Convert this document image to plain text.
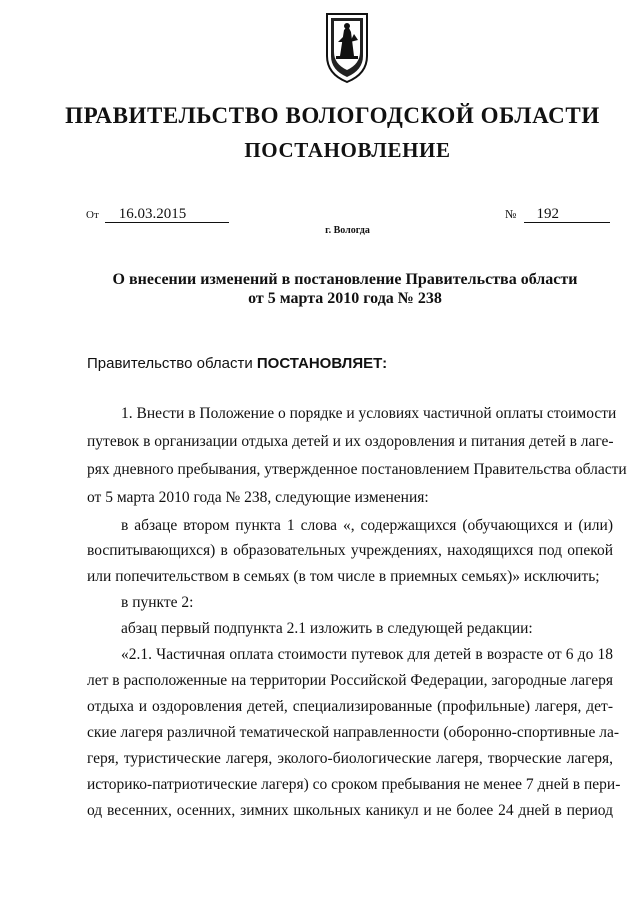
ПРАВИТЕЛЬСТВО ВОЛОГОДСКОЙ ОБЛАСТИ
ПОСТАНОВЛЕНИЕ
От 16.03.2015	№ 192
г. Вологда
О внесении изменений в постановление Правительства области
от 5 марта 2010 года № 238
Правительство области ПОСТАНОВЛЯЕТ:
1. Внести в Положение о порядке и условиях частичной оплаты стоимости
путевок в организации отдыха детей и их оздоровления и питания детей в лаге-
рях дневного пребывания, утвержденное постановлением Правительства области
от 5 марта 2010 года № 238, следующие изменения:
в абзаце втором пункта 1 слова «, содержащихся (обучающихся и (или)
воспитывающихся) в образовательных учреждениях, находящихся под опекой
или попечительством в семьях (в том числе в приемных семьях)» исключить;
в пункте 2:
абзац первый подпункта 2.1 изложить в следующей редакции:
«2.1. Частичная оплата стоимости путевок для детей в возрасте от 6 до 18
лет в расположенные на территории Российской Федерации, загородные лагеря
отдыха и оздоровления детей, специализированные (профильные) лагеря, дет-
ские лагеря различной тематической направленности (оборонно-спортивные ла-
геря, туристические лагеря, эколого-биологические лагеря, творческие лагеря,
историко-патриотические лагеря) со сроком пребывания не менее 7 дней в пери-
од весенних, осенних, зимних школьных каникул и не более 24 дней в период
